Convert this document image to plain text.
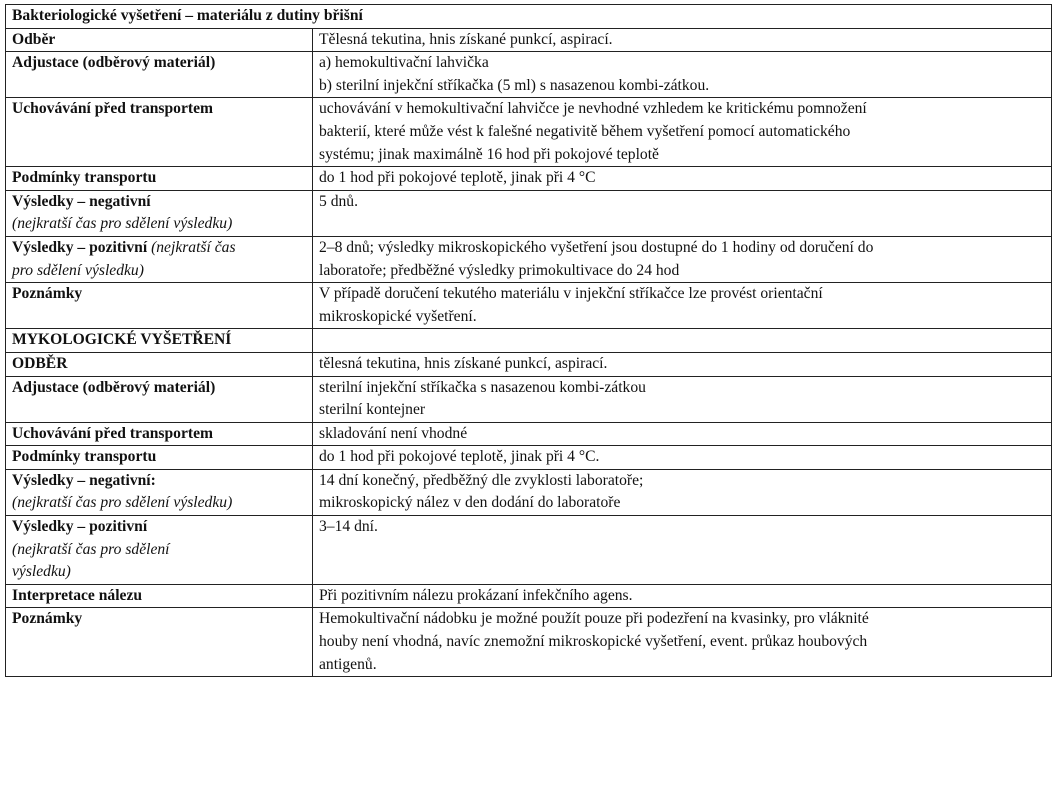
Bakteriologické vyšetření – materiálu z dutiny břišní	
Odběr	Tělesná tekutina, hnis získané punkcí, aspirací.
Adjustace (odběrový materiál)	a) hemokultivační lahvička
b) sterilní injekční stříkačka (5 ml) s nasazenou kombi-zátkou.

Uchovávání před transportem	uchovávání v hemokultivační lahvičce je nevhodné vzhledem ke kritickému pomnožení
bakterií, které může vést k falešné negativitě během vyšetření pomocí automatického
systému; jinak maximálně 16 hod při pokojové teplotě

Podmínky transportu	do 1 hod při pokojové teplotě, jinak při 4 °C

Výsledky – negativní
(nejkratší čas pro sdělení výsledku)	5 dnů.

Výsledky – pozitivní (nejkratší čas
pro sdělení výsledku)	2–8 dnů; výsledky mikroskopického vyšetření jsou dostupné do 1 hodiny od doručení do
laboratoře; předběžné výsledky primokultivace do 24 hod

Poznámky	V případě doručení tekutého materiálu v injekční stříkačce lze provést orientační
mikroskopické vyšetření.

MYKOLOGICKÉ VYŠETŘENÍ	
ODBĚR	tělesná tekutina, hnis získané punkcí, aspirací.
Adjustace (odběrový materiál)	sterilní injekční stříkačka s nasazenou kombi-zátkou
sterilní kontejner

Uchovávání před transportem	skladování není vhodné
Podmínky transportu	do 1 hod při pokojové teplotě, jinak při 4 °C.

Výsledky – negativní:
(nejkratší čas pro sdělení výsledku)	14 dní konečný, předběžný dle zvyklosti laboratoře;
mikroskopický nález v den dodání do laboratoře

Výsledky – pozitivní
(nejkratší čas pro sdělení
výsledku)	3–14 dní.
Interpretace nálezu	Při pozitivním nálezu prokázaní infekčního agens.
Poznámky	Hemokultivační nádobku je možné použít pouze při podezření na kvasinky, pro vláknité
houby není vhodná, navíc znemožní mikroskopické vyšetření, event. průkaz houbových
antigenů.
